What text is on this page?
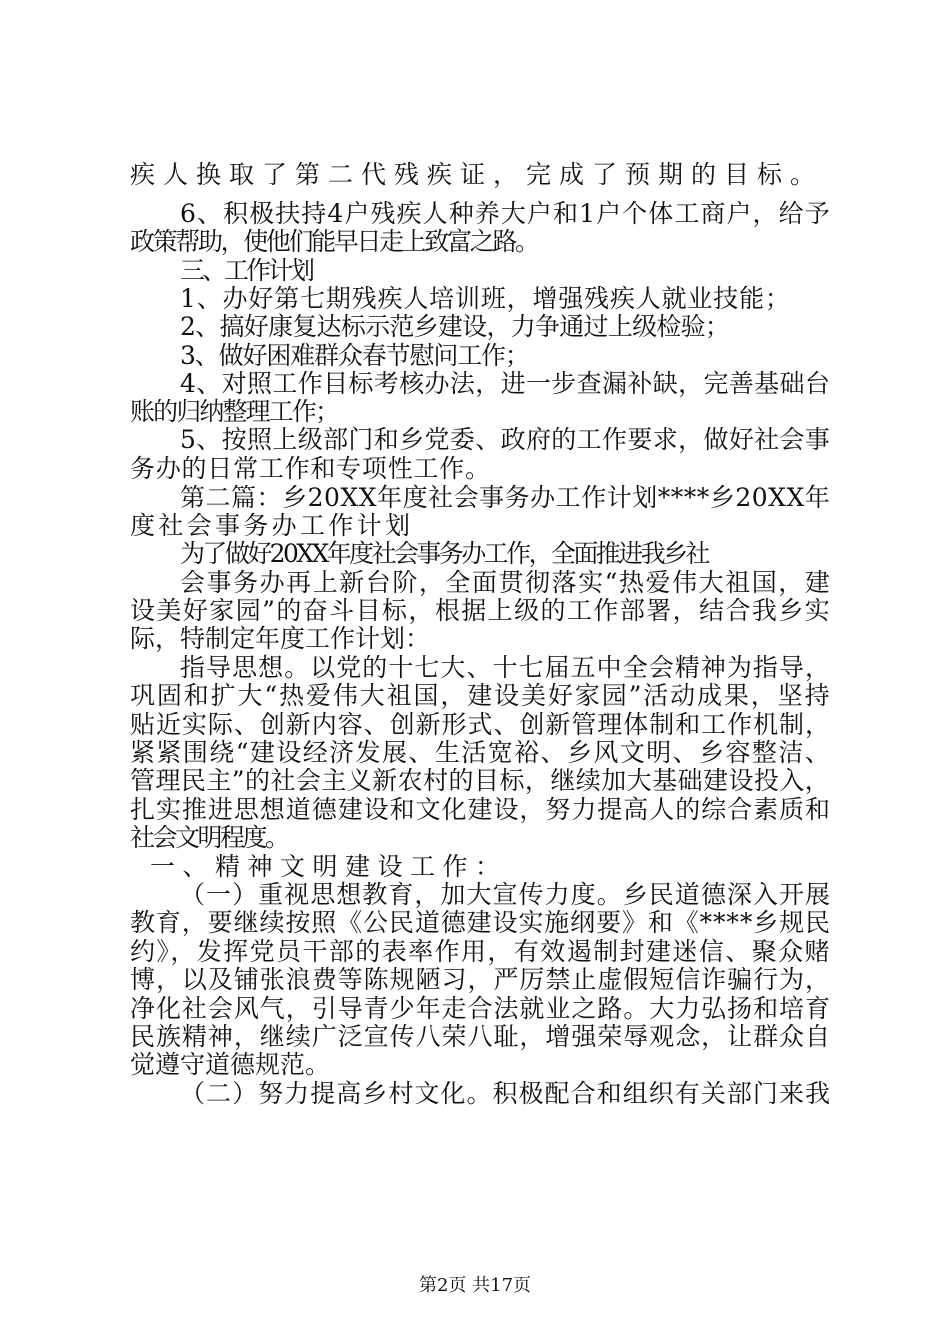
疾人换取了第二代残疾证，完成了预期的目标。
6、积极扶持4户残疾人种养大户和1户个体工商户，给予
政策帮助，使他们能早日走上致富之路。
三、工作计划
1、办好第七期残疾人培训班，增强残疾人就业技能；
2、搞好康复达标示范乡建设，力争通过上级检验；
3、做好困难群众春节慰问工作；
4、对照工作目标考核办法，进一步查漏补缺，完善基础台
账的归纳整理工作；
5、按照上级部门和乡党委、政府的工作要求，做好社会事
务办的日常工作和专项性工作。
第二篇：乡20XX年度社会事务办工作计划****乡20XX年
度社会事务办工作计划
为了做好20XX年度社会事务办工作，全面推进我乡社
会事务办再上新台阶，全面贯彻落实“热爱伟大祖国，建
设美好家园”的奋斗目标，根据上级的工作部署，结合我乡实
际，特制定年度工作计划：
指导思想。以党的十七大、十七届五中全会精神为指导，
巩固和扩大“热爱伟大祖国，建设美好家园”活动成果，坚持
贴近实际、创新内容、创新形式、创新管理体制和工作机制，
紧紧围绕“建设经济发展、生活宽裕、乡风文明、乡容整洁、
管理民主”的社会主义新农村的目标，继续加大基础建设投入，
扎实推进思想道德建设和文化建设，努力提高人的综合素质和
社会文明程度。
一、精神文明建设工作：
（一）重视思想教育，加大宣传力度。乡民道德深入开展
教育，要继续按照《公民道德建设实施纲要》和《****乡规民
约》，发挥党员干部的表率作用，有效遏制封建迷信、聚众赌
博，以及铺张浪费等陈规陋习，严厉禁止虚假短信诈骗行为，
净化社会风气，引导青少年走合法就业之路。大力弘扬和培育
民族精神，继续广泛宣传八荣八耻，增强荣辱观念，让群众自
觉遵守道德规范。
（二）努力提高乡村文化。积极配合和组织有关部门来我
第2页 共17页
